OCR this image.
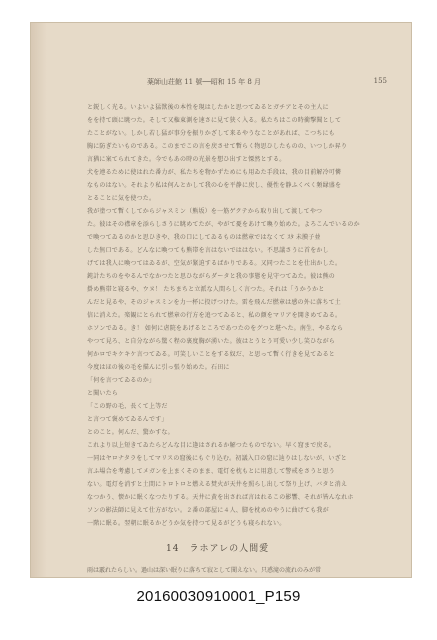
薬師山荘館 11 號──昭和 15 年 8 月	155
と鋭しく光る。いよいよ猛獣後の本性を現はしたかと思つてゐるとガチアとその主人に
をを持て頭に眺つた。そして又権東測を速さに見て狭く入る。私たちはこの時衝撃聞として
たことがない。しかし若し猛が事分を振りかざして来るやうなことがあれば、こつちにも
胸に防ぎたいものである。このまでこの言を戻させて暫らく物思ひしたものの、いつしか昇り
言猶に案てられてきた。今でもあの時の光景を想ひ出すと慄然とする。
犬を連るために使はれた番力が、私たちを物かずためにも用ゐた手段は、我の目前解冷可憐
なものはない。それより私は何んとかして我の心を平静に戻し、優性を静ふくべく頻縁盛を
とることに気を使つた。
我が塗つて暫くしてからジャスミン（熊坂）を一筋ゲクテから取り出して渡してやつ
た。彼はその襟章を添らしさうに眺めてたが、やがて憂をあけて喚り始めた。よろこんでいるのか
で喚つてゐるのかと思ひきや、我の口にしてゐるものは燃章ではなくて ｽﾀ 未膜子並
した無口である。どんなに喚つても熊帯を言はないでははない。不思議さうに首をかし
げては我人に喚つてはゐるが、空気が緊迫するばかりである。又同つたことを仕出かした。
鈍計たちのをやるんでなかつたと思ひながらダータと我の事態を見守つてゐた。彼は熊の
掛め熊帯と寝るや、ウヌ！ たちまちと立派な人間らしく言つた。それは「うかうかと
んだと見るや、そのジャスミンを力一杯に投げつけた。雷を飛んだ燃章は感の外に落ちて土
信に消えた。楽観にとられて燃章の行方を追つてゐると、私の顔をマリアを開きめてゐる。
ホソンでゐる。き！ 如何に虐院をあげるところであつたのをグつと堪へた。南生、やるなら
やつて見ろ、と自分ながら驚く程の裏度胸が湧いた。彼はとうとう可愛い少し笑ひながら
何かロでキケキケ言つてゐる。可笑しいことをする奴だ、と思って暫く行きを見てゐると
今度はほの後の毛を描んに引っ張り始めた。石田に
「何を言つてゐるのか」
と聞いたら
「この野の毛、長くて上等だ
と言つて褒めてゐるんです」
とのこと。何んだ、驚かすな。
これより以上短きてゐたらどんな目に逢はされるか解つたものでない。早く窟まで戻る。
一同はヤロナタラをしてマリスの窟後にもぐり込む。初議入口の窟に辿りはしないが、いざと
言ふ場合を考慮してメガンを上まくそのまま、電灯を枕もとに用意して警戒をさうと思う
ない。電灯を消すと土間にトロトロと燃える焚火が天井を照らし出して祭り上げ、バタと消え
なつかう、懐かに眠くなつたりする。天井に黄を出されば言はれるこの影響、それが皆んなれホ
ソンの影法師に見えて仕方がない。２番の部屋に４人、脚を枕めのやうに曲げても我が
一階に眠る。翌朝に眠るかどうか気を持つて見るがどうも寝られない。
14　ラホアレの人間愛
雨は霰れたらしい。過山は深い眠りに落ちて寂として聞えない。只惑滝の流れのみが常
20160030910001_P159
